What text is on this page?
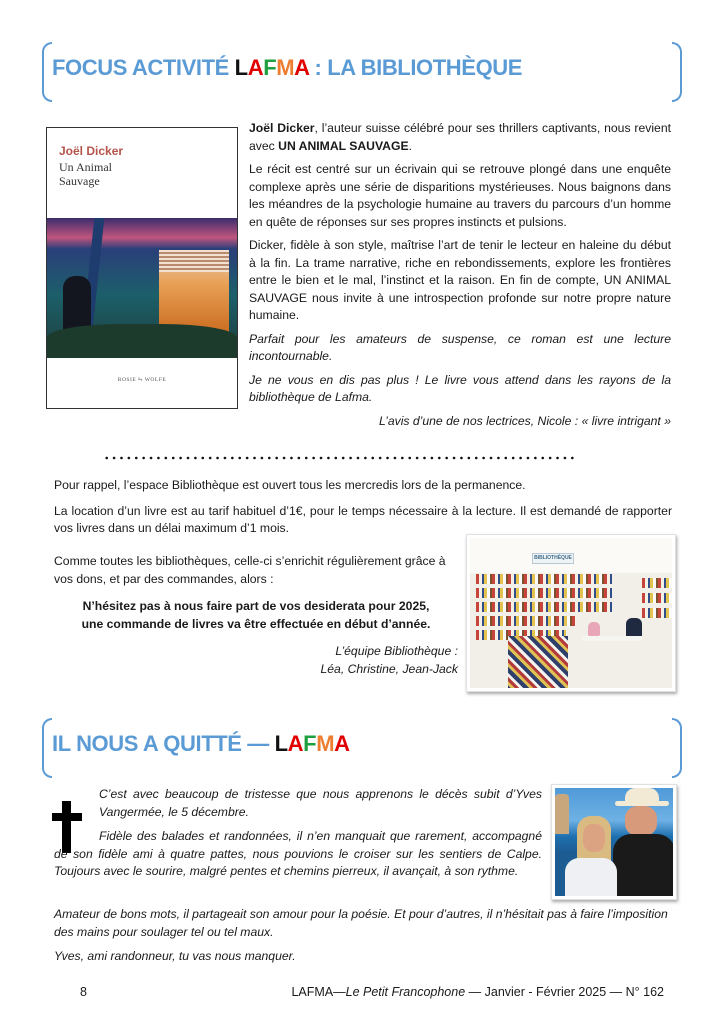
FOCUS ACTIVITÉ LAFMA : LA BIBLIOTHÈQUE
Joël Dicker
Un Animal
Sauvage
ROSIE ⥲ WOLFE

Joël Dicker, l’auteur suisse célébré pour ses thrillers captivants, nous revient avec UN ANIMAL SAUVAGE.

Le récit est centré sur un écrivain qui se retrouve plongé dans une enquête complexe après une série de disparitions mystérieuses. Nous baignons dans les méandres de la psychologie humaine au travers du parcours d’un homme en quête de réponses sur ses propres instincts et pulsions.

Dicker, fidèle à son style, maîtrise l’art de tenir le lecteur en haleine du début à la fin. La trame narrative, riche en rebondissements, explore les frontières entre le bien et le mal, l’instinct et la raison. En fin de compte, UN ANIMAL SAUVAGE nous invite à une introspection profonde sur notre propre nature humaine.

Parfait pour les amateurs de suspense, ce roman est une lecture incontournable.

Je ne vous en dis pas plus ! Le livre vous attend dans les rayons de la bibliothèque de Lafma.

L’avis d’une de nos lectrices, Nicole : « livre intrigant »

Pour rappel, l’espace Bibliothèque est ouvert tous les mercredis lors de la permanence.

La location d’un livre est au tarif habituel d’1€, pour le temps nécessaire à la lecture. Il est demandé de rapporter vos livres dans un délai maximum d’1 mois.

Comme toutes les bibliothèques, celle-ci s’enrichit régulièrement grâce à vos dons, et par des commandes, alors :

N’hésitez pas à nous faire part de vos desiderata pour 2025,

une commande de livres va être effectuée en début d’année.

L’équipe Bibliothèque :

Léa, Christine, Jean-Jack

BIBLIOTHÈQUE
IL NOUS A QUITTÉ — LAFMA

C’est avec beaucoup de tristesse que nous apprenons le décès subit d’Yves Vangermée, le 5 décembre.

Fidèle des balades et randonnées, il n’en manquait que rarement, accompagné de son fidèle ami à quatre pattes, nous pouvions le croiser sur les sentiers de Calpe. Toujours avec le sourire, malgré pentes et chemins pierreux, il avançait, à son rythme.

Amateur de bons mots, il partageait son amour pour la poésie. Et pour d’autres, il n’hésitait pas à faire l’imposition des mains pour soulager tel ou tel maux.

Yves, ami randonneur, tu vas nous manquer.

8	LAFMA—Le Petit Francophone — Janvier - Février 2025 — N° 162
